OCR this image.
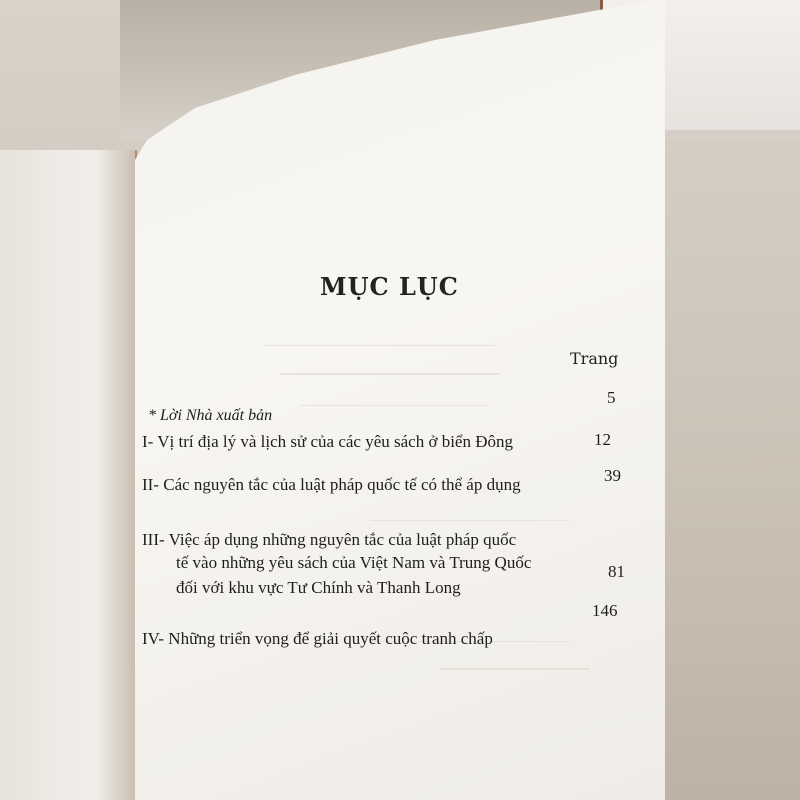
MỤC LỤC
Trang
5
* Lời Nhà xuất bản
I- Vị trí địa lý và lịch sử của các yêu sách ở biển Đông	12
39
II- Các nguyên tắc của luật pháp quốc tế có thể áp dụng
III- Việc áp dụng những nguyên tắc của luật pháp quốc
tế vào những yêu sách của Việt Nam và Trung Quốc	81
đối với khu vực Tư Chính và Thanh Long
146
IV- Những triển vọng để giải quyết cuộc tranh chấp
